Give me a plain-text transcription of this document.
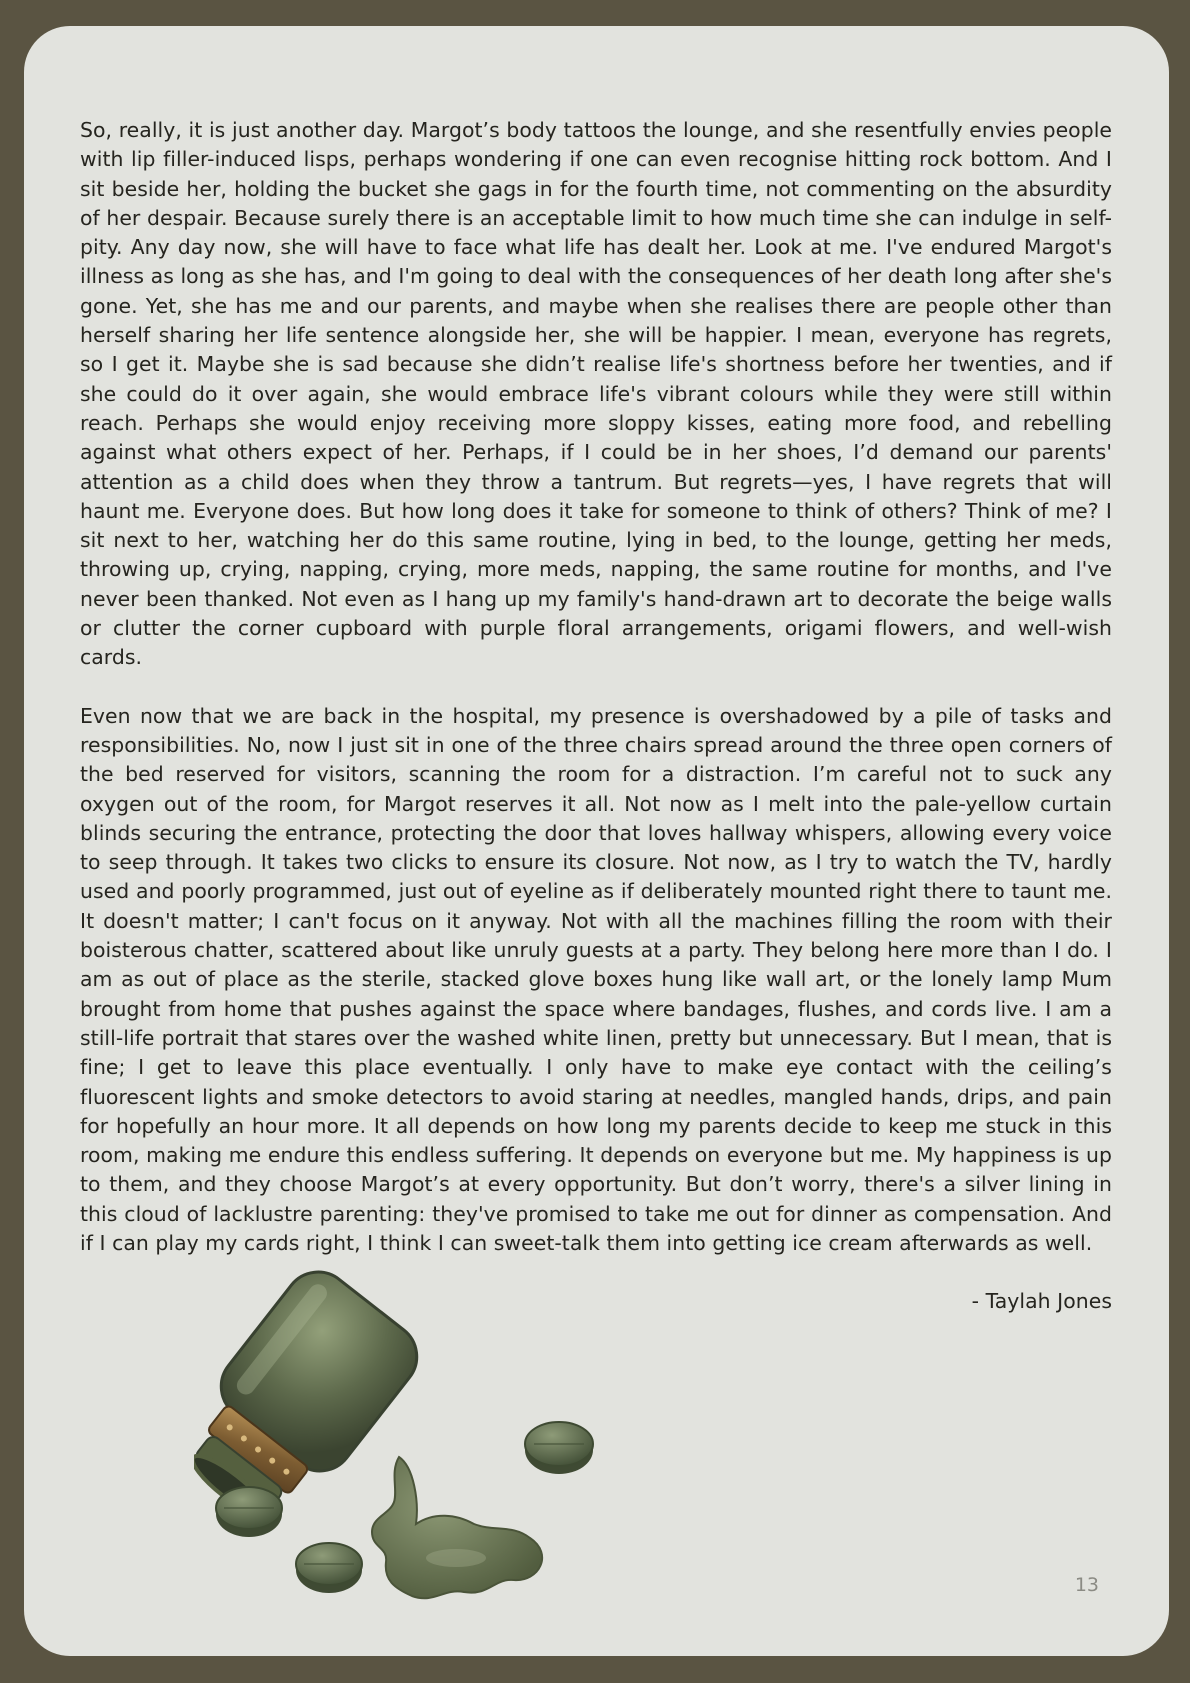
So, really, it is just another day. Margot’s body tattoos the lounge, and she resentfully envies people with lip filler-induced lisps, perhaps wondering if one can even recognise hitting rock bottom. And I sit beside her, holding the bucket she gags in for the fourth time, not commenting on the absurdity of her despair. Because surely there is an acceptable limit to how much time she can indulge in self-pity. Any day now, she will have to face what life has dealt her. Look at me. I've endured Margot's illness as long as she has, and I'm going to deal with the consequences of her death long after she's gone. Yet, she has me and our parents, and maybe when she realises there are people other than herself sharing her life sentence alongside her, she will be happier. I mean, everyone has regrets, so I get it. Maybe she is sad because she didn’t realise life's shortness before her twenties, and if she could do it over again, she would embrace life's vibrant colours while they were still within reach. Perhaps she would enjoy receiving more sloppy kisses, eating more food, and rebelling against what others expect of her. Perhaps, if I could be in her shoes, I’d demand our parents' attention as a child does when they throw a tantrum. But regrets—yes, I have regrets that will haunt me. Everyone does. But how long does it take for someone to think of others? Think of me? I sit next to her, watching her do this same routine, lying in bed, to the lounge, getting her meds, throwing up, crying, napping, crying, more meds, napping, the same routine for months, and I've never been thanked. Not even as I hang up my family's hand-drawn art to decorate the beige walls or clutter the corner cupboard with purple floral arrangements, origami flowers, and well-wish cards.

Even now that we are back in the hospital, my presence is overshadowed by a pile of tasks and responsibilities. No, now I just sit in one of the three chairs spread around the three open corners of the bed reserved for visitors, scanning the room for a distraction. I’m careful not to suck any oxygen out of the room, for Margot reserves it all. Not now as I melt into the pale-yellow curtain blinds securing the entrance, protecting the door that loves hallway whispers, allowing every voice to seep through. It takes two clicks to ensure its closure. Not now, as I try to watch the TV, hardly used and poorly programmed, just out of eyeline as if deliberately mounted right there to taunt me. It doesn't matter; I can't focus on it anyway. Not with all the machines filling the room with their boisterous chatter, scattered about like unruly guests at a party. They belong here more than I do. I am as out of place as the sterile, stacked glove boxes hung like wall art, or the lonely lamp Mum brought from home that pushes against the space where bandages, flushes, and cords live. I am a still-life portrait that stares over the washed white linen, pretty but unnecessary. But I mean, that is fine; I get to leave this place eventually. I only have to make eye contact with the ceiling’s fluorescent lights and smoke detectors to avoid staring at needles, mangled hands, drips, and pain for hopefully an hour more. It all depends on how long my parents decide to keep me stuck in this room, making me endure this endless suffering. It depends on everyone but me. My happiness is up to them, and they choose Margot’s at every opportunity. But don’t worry, there's a silver lining in this cloud of lacklustre parenting: they've promised to take me out for dinner as compensation. And if I can play my cards right, I think I can sweet-talk them into getting ice cream afterwards as well.

- Taylah Jones

13
